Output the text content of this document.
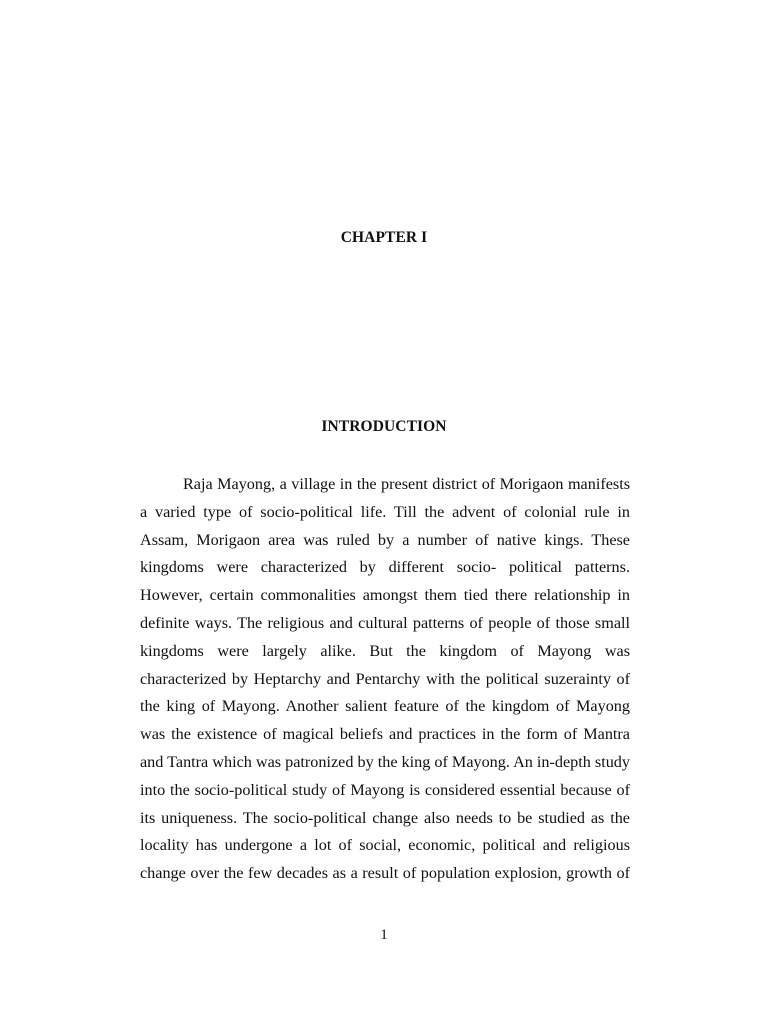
CHAPTER I
INTRODUCTION
Raja Mayong, a village in the present district of Morigaon manifests
a varied type of socio-political life. Till the advent of colonial rule in
Assam, Morigaon area was ruled by a number of native kings. These
kingdoms were characterized by different socio- political patterns.
However, certain commonalities amongst them tied there relationship in
definite ways. The religious and cultural patterns of people of those small
kingdoms were largely alike. But the kingdom of Mayong was
characterized by Heptarchy and Pentarchy with the political suzerainty of
the king of Mayong. Another salient feature of the kingdom of Mayong
was the existence of magical beliefs and practices in the form of Mantra
and Tantra which was patronized by the king of Mayong. An in-depth study
into the socio-political study of Mayong is considered essential because of
its uniqueness. The socio-political change also needs to be studied as the
locality has undergone a lot of social, economic, political and religious
change over the few decades as a result of population explosion, growth of
1
